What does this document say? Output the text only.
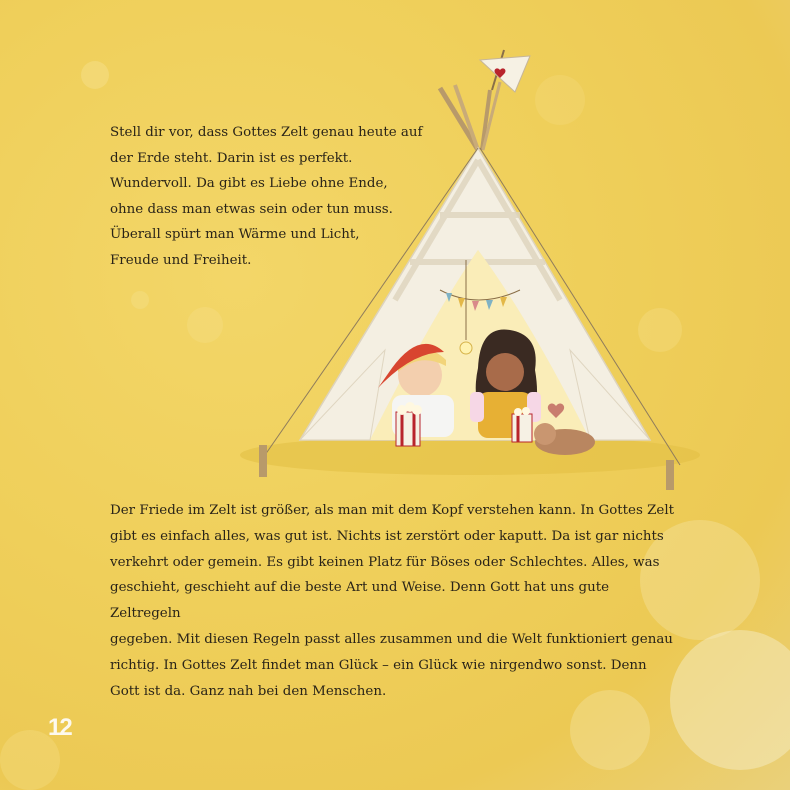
Stell dir vor, dass Gottes Zelt genau heute auf
der Erde steht. Darin ist es perfekt.
Wundervoll. Da gibt es Liebe ohne Ende,
ohne dass man etwas sein oder tun muss.
Überall spürt man Wärme und Licht,
Freude und Freiheit.

Der Friede im Zelt ist größer, als man mit dem Kopf verstehen kann. In Gottes Zelt
gibt es einfach alles, was gut ist. Nichts ist zerstört oder kaputt. Da ist gar nichts
verkehrt oder gemein. Es gibt keinen Platz für Böses oder Schlechtes. Alles, was
geschieht, geschieht auf die beste Art und Weise. Denn Gott hat uns gute Zeltregeln
gegeben. Mit diesen Regeln passt alles zusammen und die Welt funktioniert genau
richtig. In Gottes Zelt findet man Glück – ein Glück wie nirgendwo sonst. Denn
Gott ist da. Ganz nah bei den Menschen.

12
